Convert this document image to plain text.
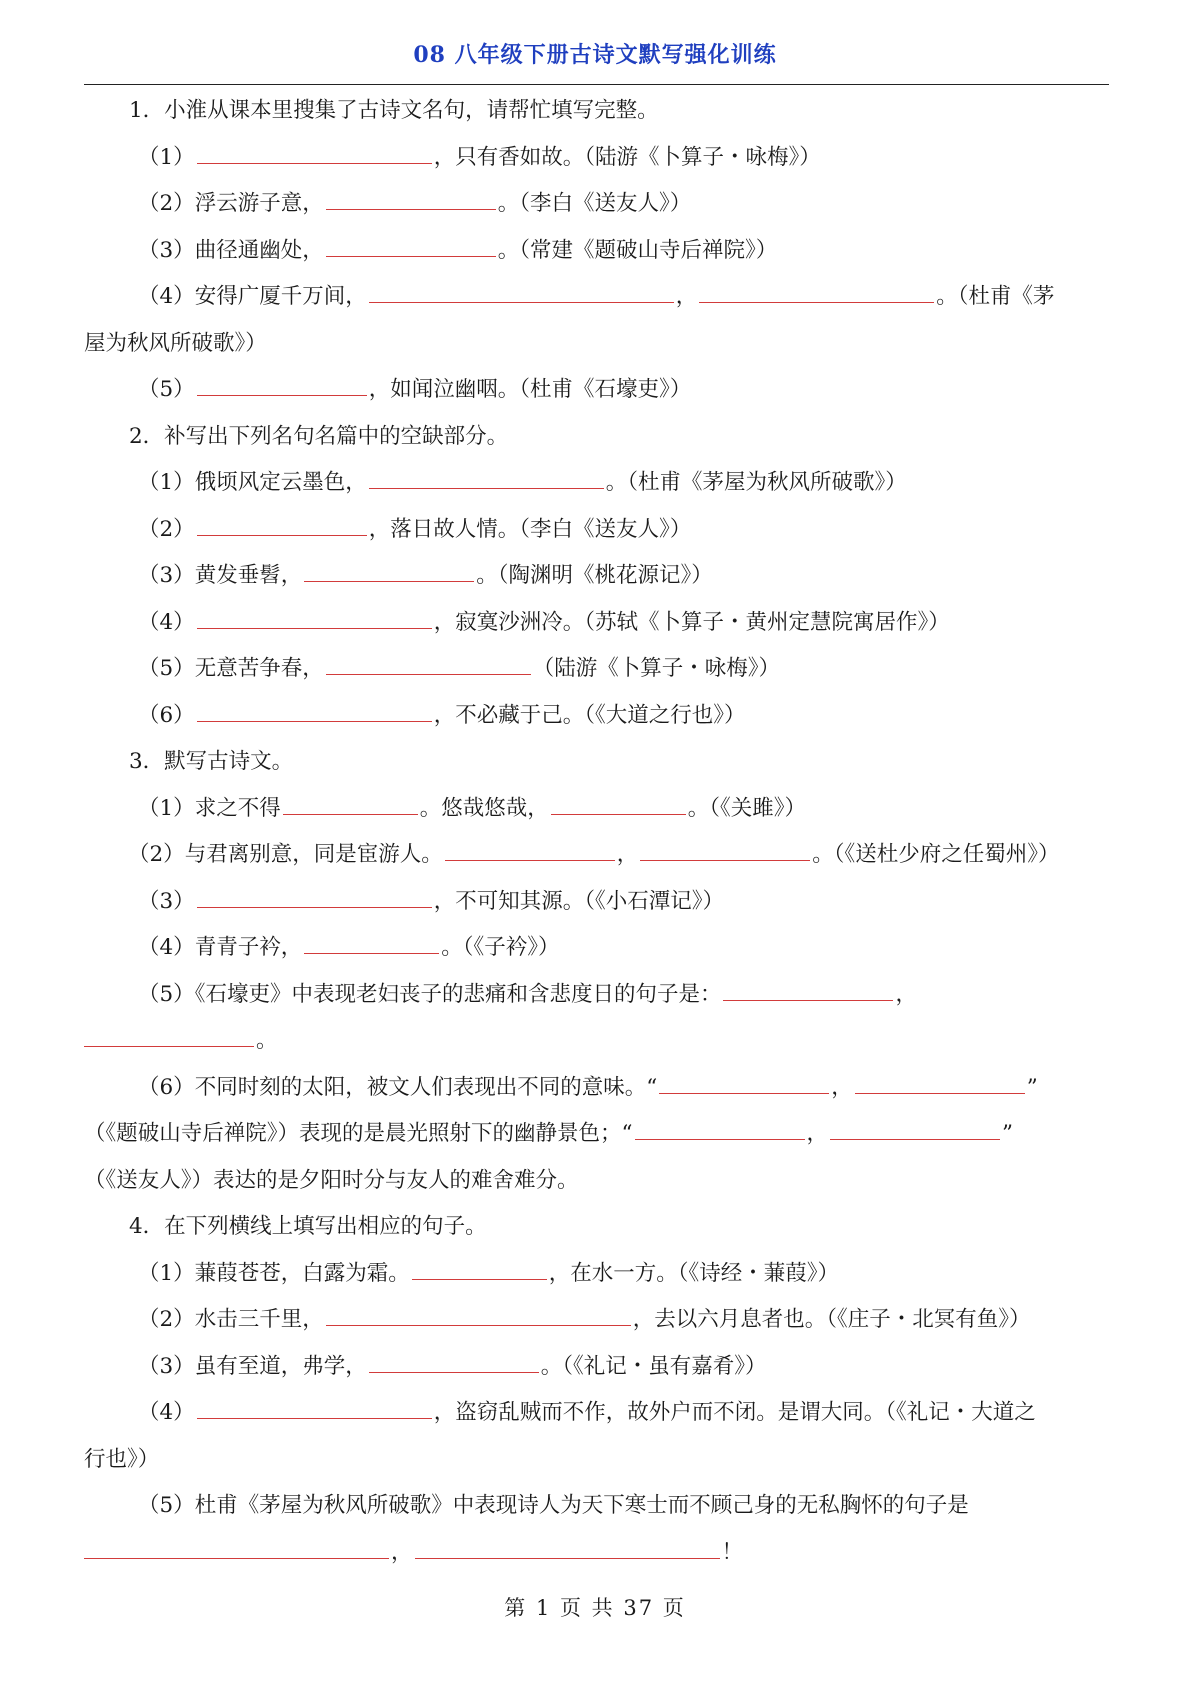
08 八年级下册古诗文默写强化训练
1．小淮从课本里搜集了古诗文名句，请帮忙填写完整。
（1）	，只有香如故。（陆游《卜算子・咏梅》）
（2）浮云游子意，	。（李白《送友人》）
（3）曲径通幽处，	。（常建《题破山寺后禅院》）
（4）安得广厦千万间，	，	。（杜甫《茅
屋为秋风所破歌》）
（5）	，如闻泣幽咽。（杜甫《石壕吏》）
2．补写出下列名句名篇中的空缺部分。
（1）俄顷风定云墨色，	。（杜甫《茅屋为秋风所破歌》）
（2）	，落日故人情。（李白《送友人》）
（3）黄发垂髫，	。（陶渊明《桃花源记》）
（4）	，寂寞沙洲冷。（苏轼《卜算子・黄州定慧院寓居作》）
（5）无意苦争春，	（陆游《卜算子・咏梅》）
（6）	，不必藏于己。（《大道之行也》）
3．默写古诗文。
（1）求之不得	。悠哉悠哉，	。（《关雎》）
（2）与君离别意，同是宦游人。	，	。（《送杜少府之任蜀州》）
（3）	，不可知其源。（《小石潭记》）
（4）青青子衿，	。（《子衿》）
（5）《石壕吏》中表现老妇丧子的悲痛和含悲度日的句子是：	，
。
（6）不同时刻的太阳，被文人们表现出不同的意味。“	，	”
（《题破山寺后禅院》）表现的是晨光照射下的幽静景色；“	，	”
（《送友人》）表达的是夕阳时分与友人的难舍难分。
4．在下列横线上填写出相应的句子。
（1）蒹葭苍苍，白露为霜。	，在水一方。（《诗经・蒹葭》）
（2）水击三千里，	，去以六月息者也。（《庄子・北冥有鱼》）
（3）虽有至道，弗学，	。（《礼记・虽有嘉肴》）
（4）	，盗窃乱贼而不作，故外户而不闭。是谓大同。（《礼记・大道之
行也》）
（5）杜甫《茅屋为秋风所破歌》中表现诗人为天下寒士而不顾己身的无私胸怀的句子是
，	！
第 1 页 共 37 页
